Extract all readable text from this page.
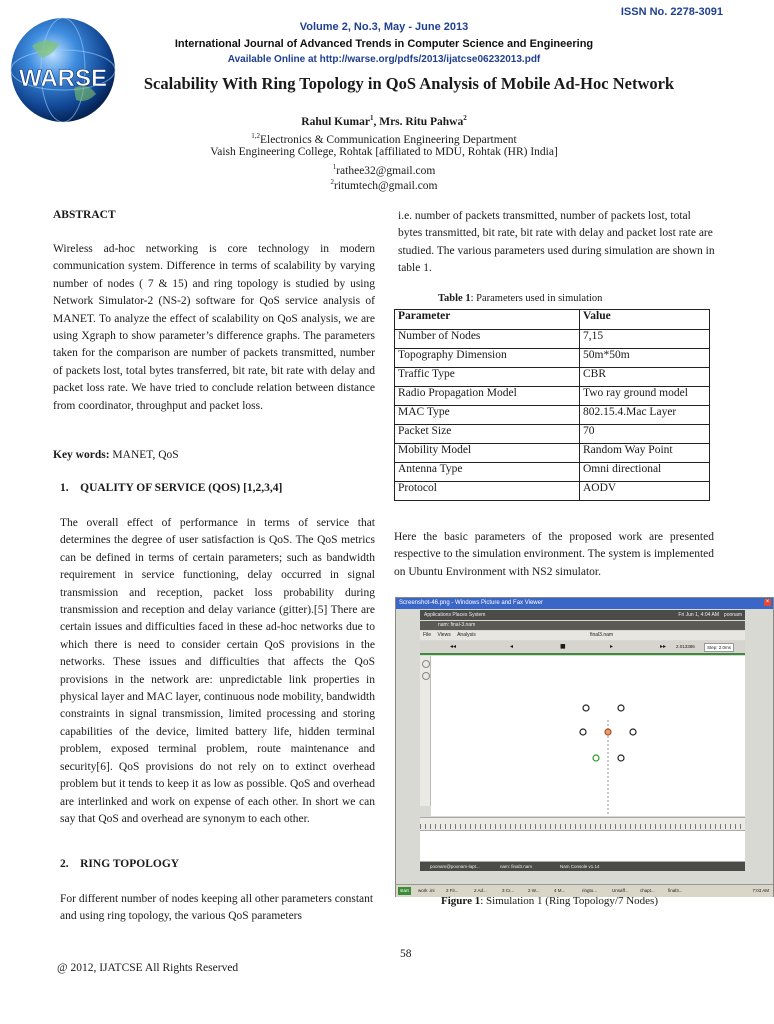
ISSN No. 2278-3091
Volume 2, No.3, May - June 2013
International Journal of Advanced Trends in Computer Science and Engineering
Available Online at http://warse.org/pdfs/2013/ijatcse06232013.pdf
WARSE	Scalability With Ring Topology in QoS Analysis of Mobile Ad-Hoc Network
Rahul Kumar$^1$, Mrs. Ritu Pahwa$^2$
$^{1,2}$Electronics & Communication Engineering Department
Vaish Engineering College, Rohtak [affiliated to MDU, Rohtak (HR) India]
$^1$rathee32@gmail.com
$^2$ritumtech@gmail.com
ABSTRACT
Wireless ad-hoc networking is core technology in modern communication system. Difference in terms of scalability by varying number of nodes ( 7 & 15) and ring topology is studied by using Network Simulator-2 (NS-2) software for QoS service analysis of MANET. To analyze the effect of scalability on QoS analysis, we are using Xgraph to show parameter’s difference graphs. The parameters taken for the comparison are number of packets transmitted, number of packets lost, total bytes transferred, bit rate, bit rate with delay and packet loss rate. We have tried to conclude relation between distance from coordinator, throughput and packet loss.
Key words: MANET, QoS
1.    QUALITY OF SERVICE (QOS) [1,2,3,4]
The overall effect of performance in terms of service that determines the degree of user satisfaction is QoS. The QoS metrics can be defined in terms of certain parameters; such as bandwidth requirement in service functioning, delay occurred in signal transmission and reception, packet loss probability during transmission and reception and delay variance (gitter).[5] There are certain issues and difficulties faced in these ad-hoc networks due to which there is need to consider certain QoS provisions in the networks. These issues and difficulties that affects the QoS provisions in the network are: unpredictable link properties in physical layer and MAC layer, continuous node mobility, bandwidth constraints in signal transmission, limited processing and storing capabilities of the device, limited battery life, hidden terminal problem, exposed terminal problem, route maintenance and security[6]. QoS provisions do not rely on to extinct overhead problem but it tends to keep it as low as possible. QoS and overhead are interlinked and work on expense of each other. In short we can say that QoS and overhead are synonym to each other.
2.    RING TOPOLOGY
For different number of nodes keeping all other parameters constant and using ring topology, the various QoS parameters
i.e. number of packets transmitted, number of packets lost, total bytes transmitted, bit rate, bit rate with delay and packet lost rate are studied. The various parameters used during simulation are shown in table 1.
Table 1: Parameters used in simulation
Parameter	Value
Number of Nodes	7,15
Topography Dimension	50m*50m
Traffic Type	CBR
Radio Propagation Model	Two ray ground model
MAC Type	802.15.4.Mac Layer
Packet Size	70
Mobility Model	Random Way Point
Antenna Type	Omni directional
Protocol	AODV
Here the basic parameters of the proposed work are presented respective to the simulation environment. The system is implemented on Ubuntu Environment with NS2 simulator.
Screenshot-46.png - Windows Picture and Fax Viewer	×
Applications Places System	Fri Jun 1, 4:04 AM poonam
nam: final-3.nam
File Views Analysis	final3.nam
◂◂	◂	■	▸	▸▸ 2.013386	Step: 2.0ms
poonam@poonam-lapt...	nam: final3.nam	Nam Console v1.14
start	work .ini	2 Fir...	2 Ad...	3 Cr...	2 W...	4 M...	ringto...	Unsaff...	chapt...	final3...	7:03 AM
Figure 1: Simulation 1 (Ring Topology/7 Nodes)
58
@ 2012, IJATCSE All Rights Reserved
